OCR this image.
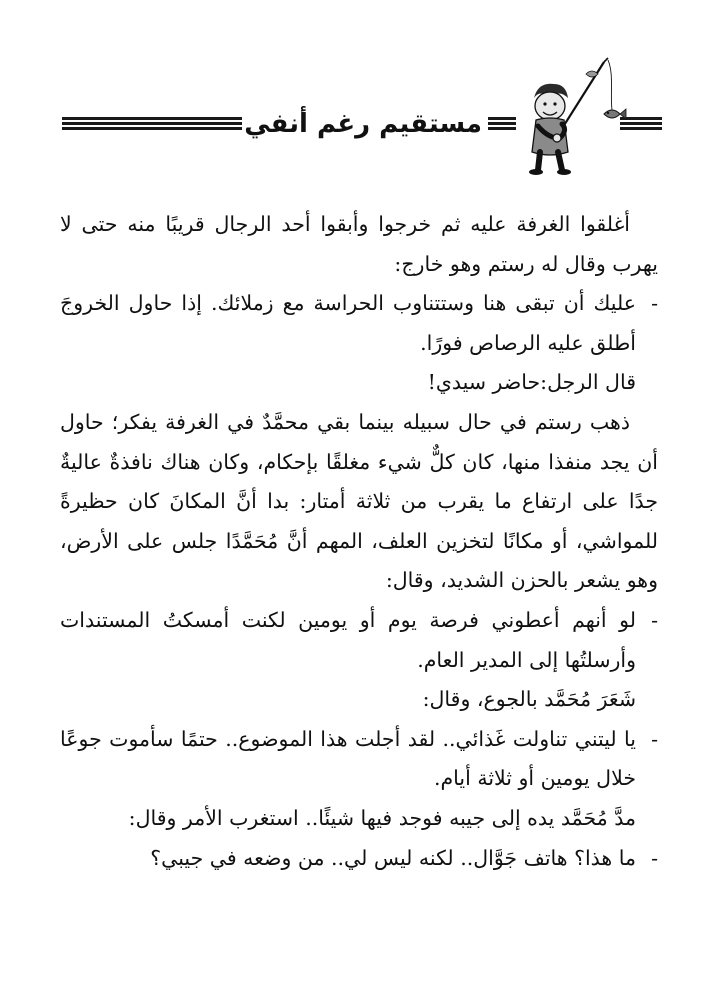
مستقيم رغم أنفي

أغلقوا الغرفة عليه ثم خرجوا وأبقوا أحد الرجال قريبًا منه حتى لا يهرب وقال له رستم وهو خارج:

-
عليك أن تبقى هنا وستتناوب الحراسة مع زملائك. إذا حاول الخروجَ أطلق عليه الرصاص فورًا.

قال الرجل:حاضر سيدي!

ذهب رستم في حال سبيله بينما بقي محمَّدٌ في الغرفة يفكر؛ حاول أن يجد منفذا منها، كان كلٌّ شيء مغلقًا بإحكام، وكان هناك نافذةٌ عاليةٌ جدًا على ارتفاع ما يقرب من ثلاثة أمتار: بدا أنَّ المكانَ كان حظيرةً للمواشي، أو مكانًا لتخزين العلف، المهم أنَّ مُحَمَّدًا جلس على الأرض، وهو يشعر بالحزن الشديد، وقال:

-
لو أنهم أعطوني فرصة يوم أو يومين لكنت أمسكتُ المستندات وأرسلتُها إلى المدير العام.

شَعَرَ مُحَمَّد بالجوع، وقال:

-
يا ليتني تناولت غَذائي.. لقد أجلت هذا الموضوع.. حتمًا سأموت جوعًا خلال يومين أو ثلاثة أيام.

مدَّ مُحَمَّد يده إلى جيبه فوجد فيها شيئًا.. استغرب الأمر وقال:

-
ما هذا؟ هاتف جَوَّال.. لكنه ليس لي.. من وضعه في جيبي؟
